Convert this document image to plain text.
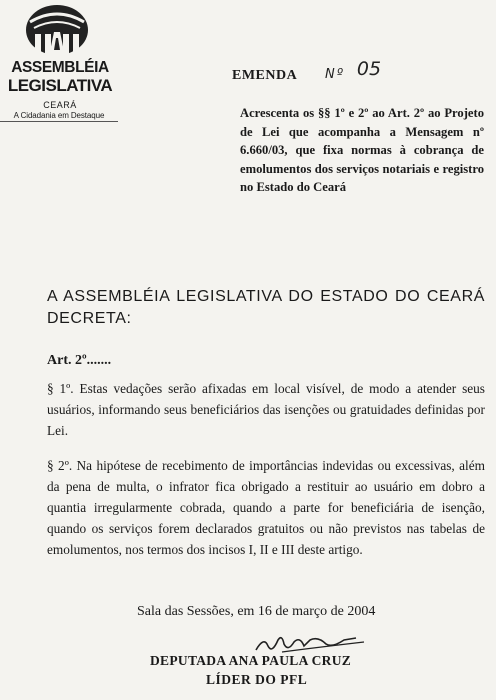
ASSEMBLÉIA
LEGISLATIVA
CEARÁ
A Cidadania em Destaque
EMENDA Nº 05
Acrescenta os §§ 1º e 2º ao Art. 2º ao Projeto de Lei que acompanha a Mensagem nº 6.660/03, que fixa normas à cobrança de emolumentos dos serviços notariais e registro no Estado do Ceará
A ASSEMBLÉIA LEGISLATIVA DO ESTADO DO CEARÁ DECRETA:
Art. 2º.......
§ 1º. Estas vedações serão afixadas em local visível, de modo a atender seus usuários, informando seus beneficiários das isenções ou gratuidades definidas por Lei.
§ 2º. Na hipótese de recebimento de importâncias indevidas ou excessivas, além da pena de multa, o infrator fica obrigado a restituir ao usuário em dobro a quantia irregularmente cobrada, quando a parte for beneficiária de isenção, quando os serviços forem declarados gratuitos ou não previstos nas tabelas de emolumentos, nos termos dos incisos I, II e III deste artigo.
Sala das Sessões, em 16 de março de 2004
DEPUTADA ANA PAULA CRUZ
LÍDER DO PFL
